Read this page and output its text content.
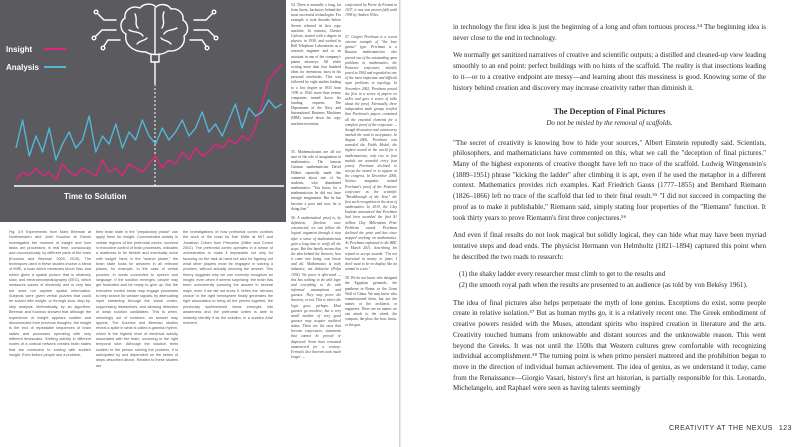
Insight
Analysis
Time to Solution

54. There is normally a long, far from linear, backstory behind the most successful technologies. For example, it took decades before Steven released its first copy machine. In contrast, Chester Carlson, started with a degree in physics in 1930, and worked in Bell Telephone Laboratories as a research engineer and to an assistant in one of the company's patent attorneys. All while writing more than four hundred ideas for inventions, most in his personal notebooks. This was followed by eight studies leading to a low degree in 1933 from 1939 to 1944: more than twenty companies turned down his funding requests. The Department of the Navy and International Business Machines (IBM) turned down his copy machine invention.

conjectured by Pierre de Fermat in 1637, it was was proven fully until 1995 by Andrew Wiles.

Fig. 3.9 Experiments from Mark Beeman at Northwestern and John Kounios at Drexel investigated the moment of insight and how tasks are processed, in real time, consciously and unconsciously, by different parts of the brain (Kounios and Beeman 2009, 2015). The techniques used in these studies involve a blend of fMRI, a scan which measures blood flow, and which gives a spatial picture that is relatively slow, and electroencephalography (EEG), which measures waves of electricity and is very fast but does not capture spatial information. Subjects were given verbal puzzles that could be solved with insight, or through slow, step-by-step analysis. Methodically, by an algorithm, Beeman and Kounios showed that although the experience of insight appears sudden and disconnected from previous thoughts, the insight is the end of repeatable sequences of brain states and processes operating with very different timescales. Shifting activity in different nodes of a cortical network creates brain states that are conducive to solving with sudden insight. Even before people see a problem,
their brain state in the "preparatory phase" can apply them for insight. Concentrated activity in certain regions of the prefrontal cortex, involved in executive control of brain processes, indicates a readiness to be flexible and eventually solve with insight. Next, in the "search phase," the brain state looks for answers in all relevant places, for example, in the case of verbal puzzles, in areas connected to speech and language. If the solution emerges, people may get frustrated and be ready to give up. But the executive control areas may engage processes to help search for weaker signals, by attenuating input streaming through the visual cortex, suppressing distractions, and allowing detection of weak solution candidates. This is when, seemingly out of nowhere, an answer may appear. The Kounios and Beeman studies reveal a spike in what is called a gamma rhythm, which is the highest level of electrical activity associated with the brain, occurring in the right temporal lobe. Although the solution feels sudden to the person solving the problem, it is anticipated by and dependent on the series of steps described above. Related to these studies are
the investigations of how prefrontal cortex controls the work of the brain by Earl Miller at MIT and Jonathan Cohen from Princeton (Miller and Cohen 2001). The prefrontal cortex operates in a sense of orchestration to make it impossible not only for focusing on the task at hand but also for figuring out what other players must be engaged in solving a problem, without actually knowing the answer. This theory suggests why we can correctly recognize an insight, even when it seems surprising: the brain has been concurrently pursuing the answer in several ways, even if we did not know it. When the 'obvious choice' in the right hemisphere finally generates the right association to bring all the pieces together, the previously subthreshold ideas emerges into awareness and the prefrontal cortex is able to instantly identify it as the solution, in a sudden Aha! moment.

55. Mathematicians are all too sure of the role of imagination in mathematics. The famous German mathematician David Hilbert reputedly made this comment about one of his students, who abandoned mathematics: "You know, for a mathematician he did not have enough imagination. But he has become a poet and now he is doing fine."

56. A mathematical proof is, by definition, flawless: once constructed, we can follow the logical argument through it step after a sense of mathematicians gain a long time to verify all the steps. But this hardly means that the idea behind the theorem, how it came into being, was linear and all. Mathematics is truly inductive, not deductive (Polya 1954). We prove it afterward — this has nothing to do with logic and everything to do with informed assumptions and guesses. They may prove the theorem, or not. This is where the logic goes, perhaps. Most guesses go nowhere, but a very small number of very good guesses may acquire mythical status. These are the ones that become conjectures, statements that cannot be proved or disproved. Some have remained unanswered for a century: Fermat's last theorem took much longer —

57. Grigori Perelman is a recent extreme example of "the lone genius" type. Perelman is a Russian mathematician who proved one of the outstanding open problems in mathematics, the Poincaré conjecture, initially posed in 1904 and regarded as one of the most important and difficult open problems in topology. In November 2002, Perelman posted the first in a series of papers on arXiv and gave a series of talks about the proof. Eventually, three independent math groups verified that Perelman's papers contained all the essential elements for a complete proof of the conjecture — though discussion and controversy marked the road to acceptance. In August 2006, Perelman was awarded the Fields Medal, the highest award in the world for a mathematician, only two to four medals are awarded every four years). Perelman declined to accept the award or to appear at the congress. In December 2006, Science magazine named Perelman's proof of the Poincaré conjecture as the scientific "Breakthrough of the Year," the first such recognition in the area of mathematics. In 2010, the Clay Institute announced that Perelman had been awarded the first $1 million Clay Millennium Prize Problems award. Perelman declined the prize and has since stopped working on mathematics. As Perelman explained to the BBC in March 2011, describing his refusal to accept awards: "I'm not interested in money or fame; I don't want to be on display like an animal in a zoo."

58. We do not know who designed the Egyptian pyramids, the pantheon in Rome, or the Great Wall of China. We may know who commissioned them, but not the names of the architects or engineers. There are no names we can attach to the wheel, the compass, the plow, the bow, knots, or the gun.

in technology the first idea is just the beginning of a long and often tortuous process.⁵⁴ The beginning idea is never close to the end in technology.

We normally get sanitized narratives of creative and scientific outputs; a distilled and cleaned-up view leading smoothly to an end point: perfect buildings with no hints of the scaffold. The reality is that insections leading to it—or to a creative endpoint are messy—and learning about this messiness is good. Knowing some of the history behind creation and discovery may increase creativity rather than diminish it.

The Deception of Final Pictures
Do not be misled by the removal of scaffolds.

"The secret of creativity is knowing how to hide your sources," Albert Einstein reputedly said. Scientists, philosophers, and mathematicians have commented on this, what we call the "deception of final pictures." Many of the highest exponents of creative thought have left no trace of the scaffold. Ludwig Wittgenstein's (1889–1951) phrase "kicking the ladder" after climbing it is apt, even if he used the metaphor in a different context. Mathematics provides rich examples. Karl Friedrich Gauss (1777–1855) and Bernhard Riemann (1826–1866) left no trace of the scaffold that led to their final result.⁵⁵ "I did not succeed in compacting the proof as to make it publishable," Riemann said, simply stating four properties of the "Riemann" function. It took thirty years to prove Riemann's first three conjectures.⁵⁶

And even if final results do not look magical but solidly logical, they can hide what may have been myriad tentative steps and dead ends. The physicist Hermann von Helmholtz (1821–1894) captured this point when he described the two roads to research:

(1) the shaky ladder every researcher must climb to get to the results and
(2) the smooth royal path when the results are presented to an audience (as told by von Bekésy 1961).

The idea of final pictures also helps perpetuate the myth of lone genius. Exceptions do exist, some people create in relative isolation.⁵⁷ But as human myths go, it is a relatively recent one. The Greek embodiment of creative powers resided with the Muses, attendant spirits who inspired creation in literature and the arts. Creativity touched humans from unknowable and distant sources and the unknowable reason. This went beyond the Greeks. It was not until the 1500s that Western cultures grew comfortable with recognizing individual accomplishment.⁵⁸ The turning point is when primo pensieri mattered and the prohibition began to move in the direction of individual human achievement. The idea of genius, as we understand it today, came from the Renaissance—Giorgio Vasari, history's first art historian, is partially responsible for this. Leonardo, Michelangelo, and Raphael were seen as having talents seemingly

CREATIVITY AT THE NEXUS 123
